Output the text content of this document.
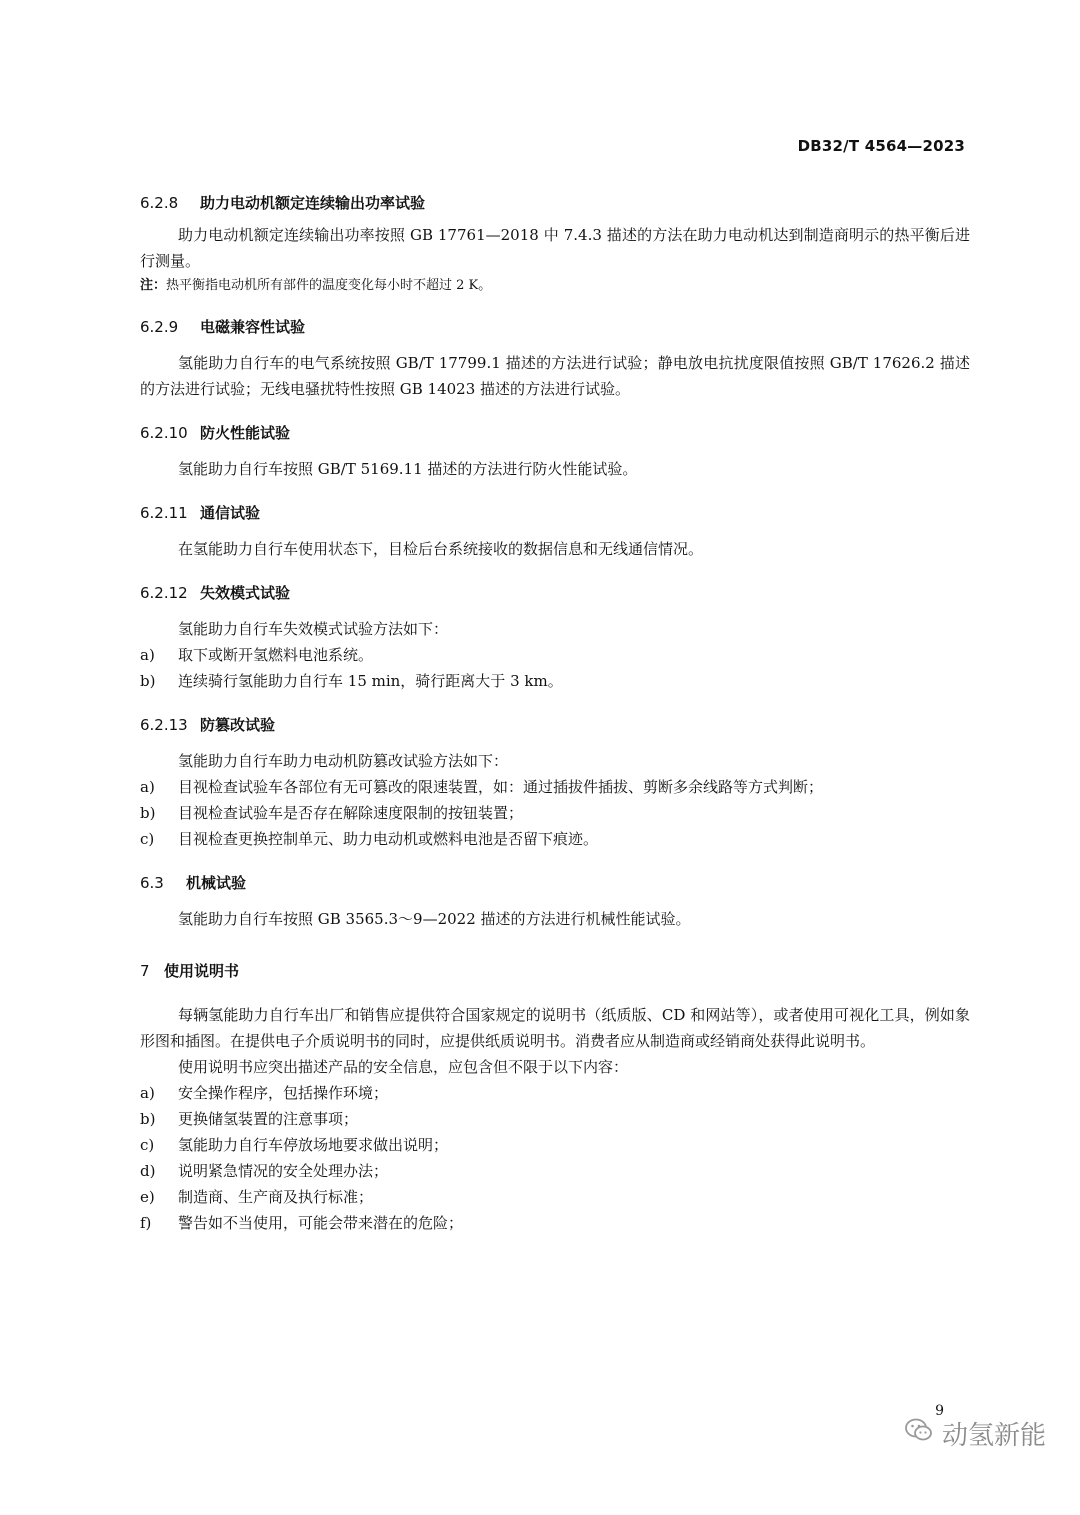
DB32/T 4564—2023
6.2.8	助力电动机额定连续输出功率试验

助力电动机额定连续输出功率按照 GB 17761—2018 中 7.4.3 描述的方法在助力电动机达到制造商明示的热平衡后进行测量。

注：热平衡指电动机所有部件的温度变化每小时不超过 2 K。

6.2.9	电磁兼容性试验

氢能助力自行车的电气系统按照 GB/T 17799.1 描述的方法进行试验；静电放电抗扰度限值按照 GB/T 17626.2 描述的方法进行试验；无线电骚扰特性按照 GB 14023 描述的方法进行试验。

6.2.10 防火性能试验

氢能助力自行车按照 GB/T 5169.11 描述的方法进行防火性能试验。

6.2.11 通信试验

在氢能助力自行车使用状态下，目检后台系统接收的数据信息和无线通信情况。

6.2.12 失效模式试验

氢能助力自行车失效模式试验方法如下：

a)	取下或断开氢燃料电池系统。
b)	连续骑行氢能助力自行车 15 min，骑行距离大于 3 km。
6.2.13 防篡改试验

氢能助力自行车助力电动机防篡改试验方法如下：

a)	目视检查试验车各部位有无可篡改的限速装置，如：通过插拔件插拔、剪断多余线路等方式判断；
b)	目视检查试验车是否存在解除速度限制的按钮装置；
c)	目视检查更换控制单元、助力电动机或燃料电池是否留下痕迹。
6.3	机械试验

氢能助力自行车按照 GB 3565.3～9—2022 描述的方法进行机械性能试验。

7 使用说明书

每辆氢能助力自行车出厂和销售应提供符合国家规定的说明书（纸质版、CD 和网站等），或者使用可视化工具，例如象形图和插图。在提供电子介质说明书的同时，应提供纸质说明书。消费者应从制造商或经销商处获得此说明书。

使用说明书应突出描述产品的安全信息，应包含但不限于以下内容：

a)	安全操作程序，包括操作环境；
b)	更换储氢装置的注意事项；
c)	氢能助力自行车停放场地要求做出说明；
d)	说明紧急情况的安全处理办法；
e)	制造商、生产商及执行标准；
f)	警告如不当使用，可能会带来潜在的危险；
9
动氢新能
